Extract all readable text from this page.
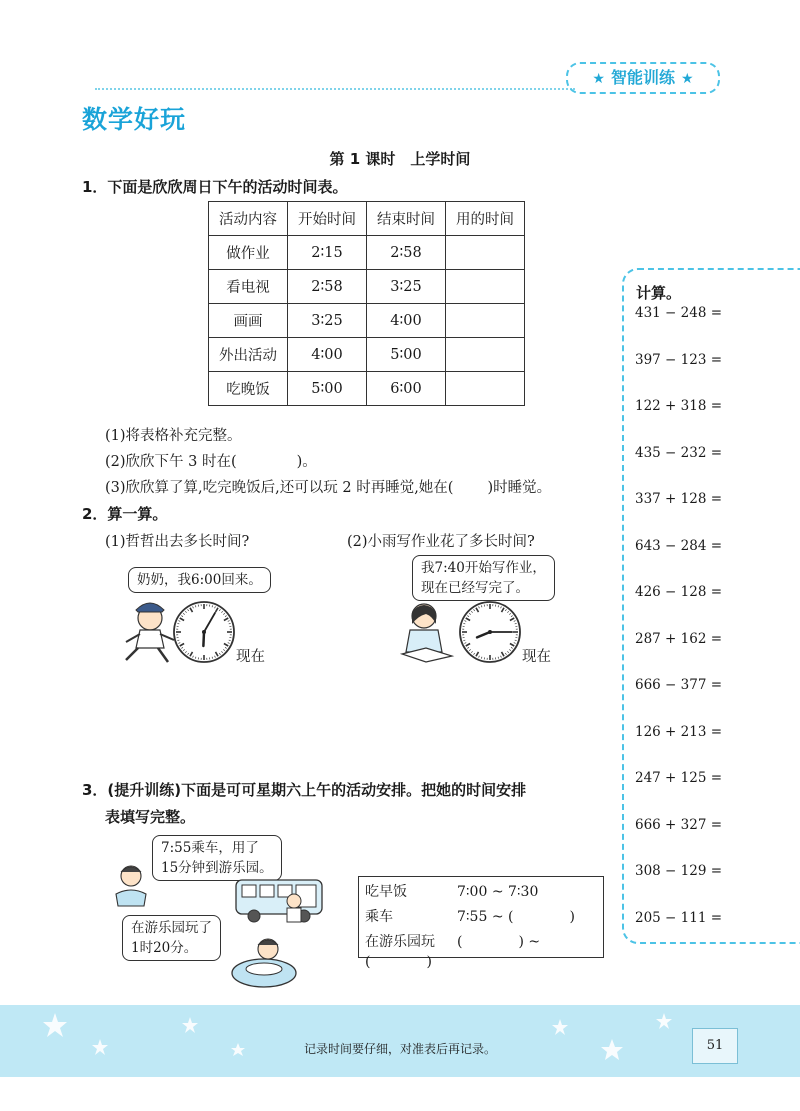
★ 智能训练 ★
数学好玩
第 1 课时　上学时间
1．下面是欣欣周日下午的活动时间表。
活动内容	开始时间	结束时间	用的时间
做作业	2∶15	2∶58	
看电视	2∶58	3∶25	
画画	3∶25	4∶00	
外出活动	4∶00	5∶00	
吃晚饭	5∶00	6∶00	
(1)将表格补充完整。
(2)欣欣下午 3 时在(	)。
(3)欣欣算了算,吃完晚饭后,还可以玩 2 时再睡觉,她在( )时睡觉。
2．算一算。
(1)哲哲出去多长时间?	(2)小雨写作业花了多长时间?
奶奶，我6:00回来。
现在
我7:40开始写作业，
现在已经写完了。
现在
3．(提升训练)下面是可可星期六上午的活动安排。把她的时间安排
表填写完整。
7:55乘车，用了
15分钟到游乐园。
在游乐园玩了
1时20分。
吃早饭	7∶00 ~ 7∶30
乘车	7∶55 ~ (　　　　)
在游乐园玩 (　　　　) ~ (　　　　)
计算。
431 − 248 =
397 − 123 =
122 + 318 =
435 − 232 =
337 + 128 =
643 − 284 =
426 − 128 =
287 + 162 =
666 − 377 =
126 + 213 =
247 + 125 =
666 + 327 =
308 − 129 =
205 − 111 =
记录时间要仔细，对准表后再记录。	51
